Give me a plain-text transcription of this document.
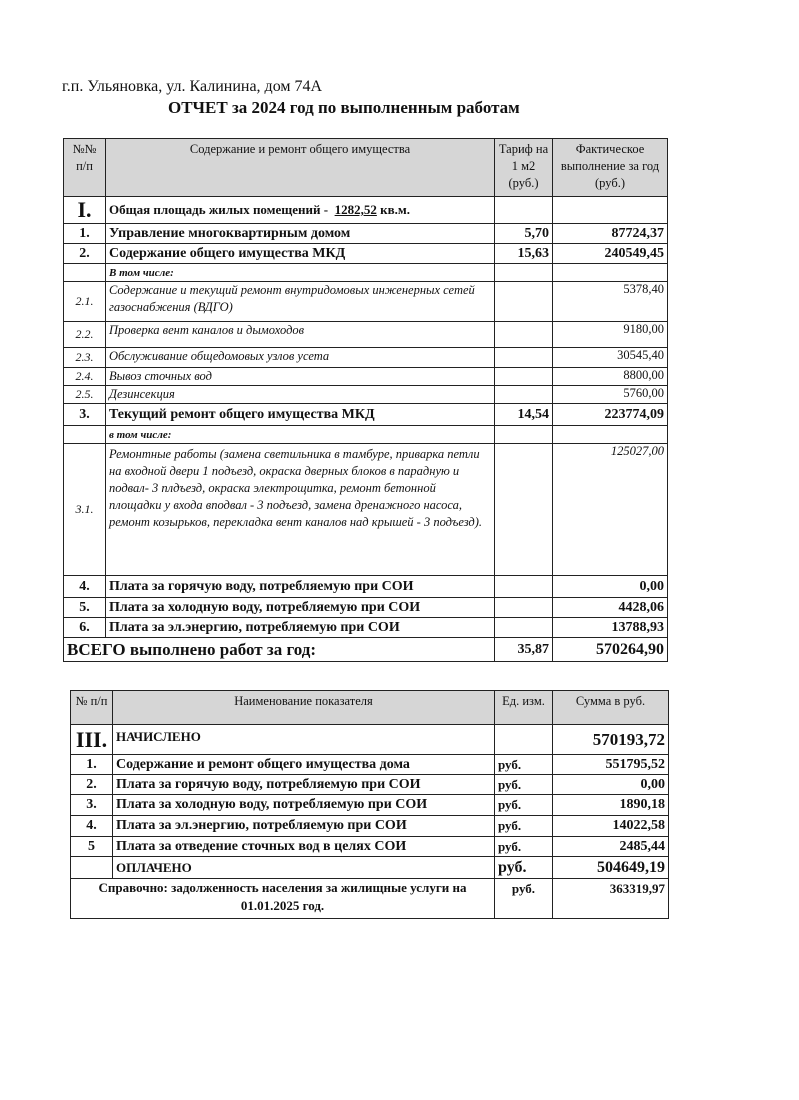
г.п. Ульяновка, ул. Калинина, дом 74А
ОТЧЕТ за 2024 год по выполненным работам
№№ п/п	Содержание и ремонт общего имущества	Тариф на 1 м2 (руб.)	Фактическое выполнение за год (руб.)
I.	Общая площадь жилых помещений - 1282,52 кв.м.		
1.	Управление многоквартирным домом	5,70	87724,37
2.	Содержание общего имущества МКД	15,63	240549,45
	В том числе:		
2.1.	Содержание и текущий ремонт внутридомовых инженерных сетей газоснабжения (ВДГО)		5378,40
2.2.	Проверка вент каналов и дымоходов		9180,00
2.3.	Обслуживание общедомовых узлов усета		30545,40
2.4.	Вывоз сточных вод		8800,00
2.5.	Дезинсекция		5760,00
3.	Текущий ремонт общего имущества МКД	14,54	223774,09
	в том числе:		
3.1.	Ремонтные работы (замена светильника в тамбуре, приварка петли на входной двери 1 подъезд, окраска дверных блоков в парадную и подвал- 3 плдъезд, окраска электрощитка, ремонт бетонной площадки у входа вподвал - 3 подъезд, замена дренажного насоса, ремонт козырьков, перекладка вент каналов над крышей - 3 подъезд).		125027,00
4.	Плата за горячую воду, потребляемую при СОИ		0,00
5.	Плата за холодную воду, потребляемую при СОИ		4428,06
6.	Плата за эл.энергию, потребляемую при СОИ		13788,93
ВСЕГО выполнено работ за год:		35,87	570264,90
№ п/п	Наименование показателя	Ед. изм.	Сумма в руб.
III.	НАЧИСЛЕНО		570193,72
1.	Содержание и ремонт общего имущества дома	руб.	551795,52
2.	Плата за горячую воду, потребляемую при СОИ	руб.	0,00
3.	Плата за холодную воду, потребляемую при СОИ	руб.	1890,18
4.	Плата за эл.энергию, потребляемую при СОИ	руб.	14022,58
5	Плата за отведение сточных вод в целях СОИ	руб.	2485,44
	ОПЛАЧЕНО	руб.	504649,19
Справочно: задолженность населения за жилищные услуги на 01.01.2025 год.		руб.	363319,97
